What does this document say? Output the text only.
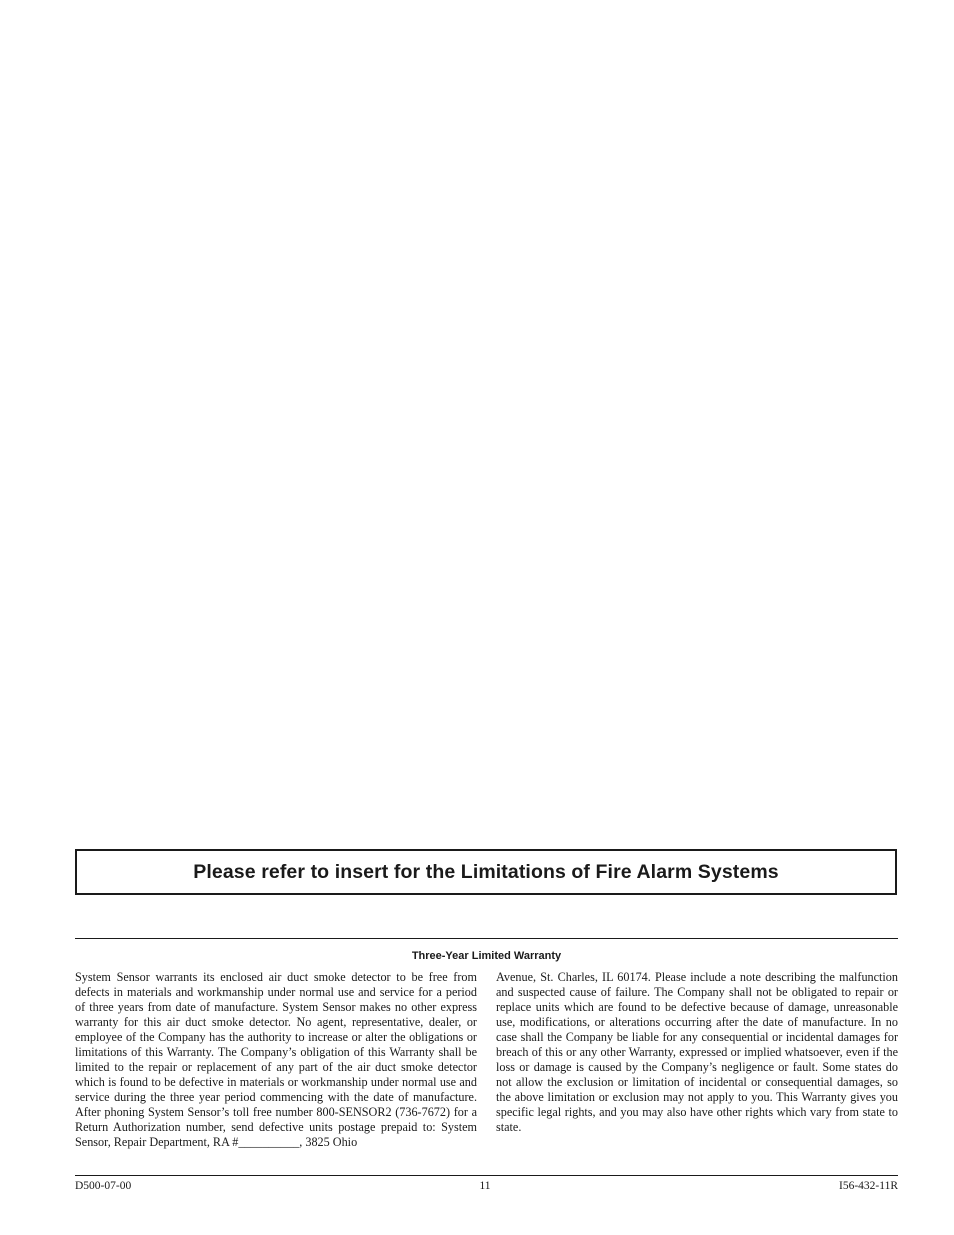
Please refer to insert for the Limitations of Fire Alarm Systems
Three-Year Limited Warranty

System Sensor warrants its enclosed air duct smoke detector to be free from defects in materials and workmanship under normal use and service for a period of three years from date of manufacture. System Sensor makes no other express warranty for this air duct smoke detector. No agent, representative, dealer, or employee of the Company has the authority to increase or alter the obligations or limitations of this Warranty. The Company’s obligation of this Warranty shall be limited to the repair or replacement of any part of the air duct smoke detector which is found to be defective in materials or workmanship under normal use and service during the three year period commencing with the date of manufacture. After phoning System Sensor’s toll free number 800-SENSOR2 (736-7672) for a Return Authorization number, send defective units postage prepaid to: System Sensor, Repair Department, RA #__________, 3825 Ohio

Avenue, St. Charles, IL 60174. Please include a note describing the malfunction and suspected cause of failure. The Company shall not be obligated to repair or replace units which are found to be defective because of damage, unreasonable use, modifications, or alterations occurring after the date of manufacture. In no case shall the Company be liable for any consequential or incidental damages for breach of this or any other Warranty, expressed or implied whatsoever, even if the loss or damage is caused by the Company’s negligence or fault. Some states do not allow the exclusion or limitation of incidental or consequential damages, so the above limitation or exclusion may not apply to you. This Warranty gives you specific legal rights, and you may also have other rights which vary from state to state.

D500-07-00	11	I56-432-11R
